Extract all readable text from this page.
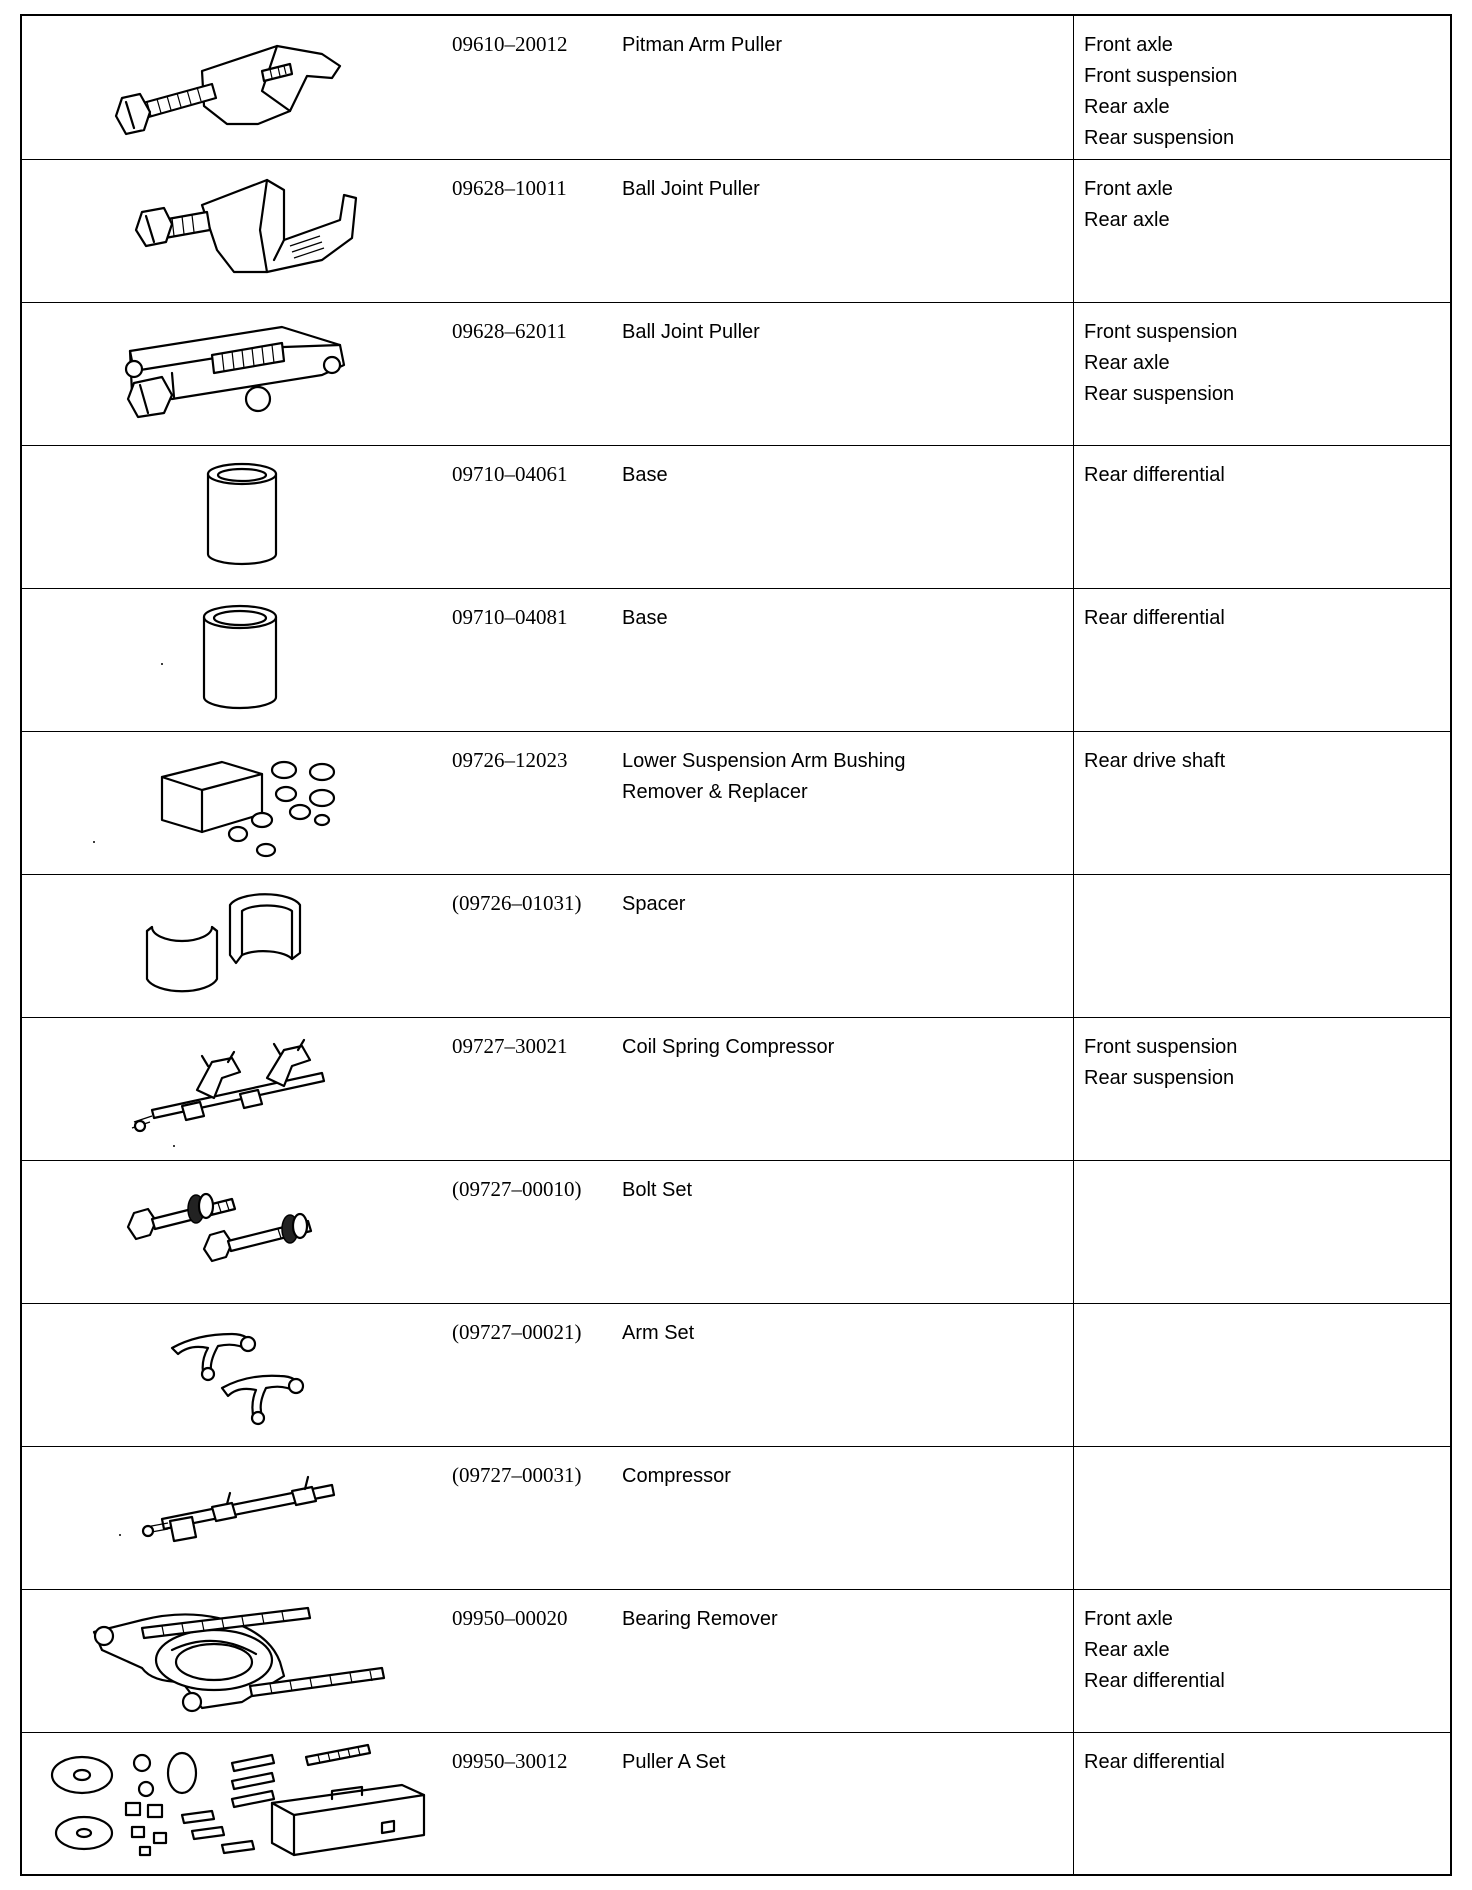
09610–20012	Pitman Arm Puller	Front axle
Front suspension
Rear axle
Rear suspension

09628–10011	Ball Joint Puller	Front axle
Rear axle

09628–62011	Ball Joint Puller	Front suspension
Rear axle
Rear suspension

09710–04061	Base	Rear differential

09710–04081	Base	Rear differential

09726–12023	Lower Suspension Arm Bushing Remover & Replacer	Rear drive shaft

(09726–01031)	Spacer	

09727–30021	Coil Spring Compressor	Front suspension
Rear suspension

(09727–00010)	Bolt Set	

(09727–00021)	Arm Set	

(09727–00031)	Compressor	

09950–00020	Bearing Remover	Front axle
Rear axle
Rear differential

09950–30012	Puller A Set	Rear differential
